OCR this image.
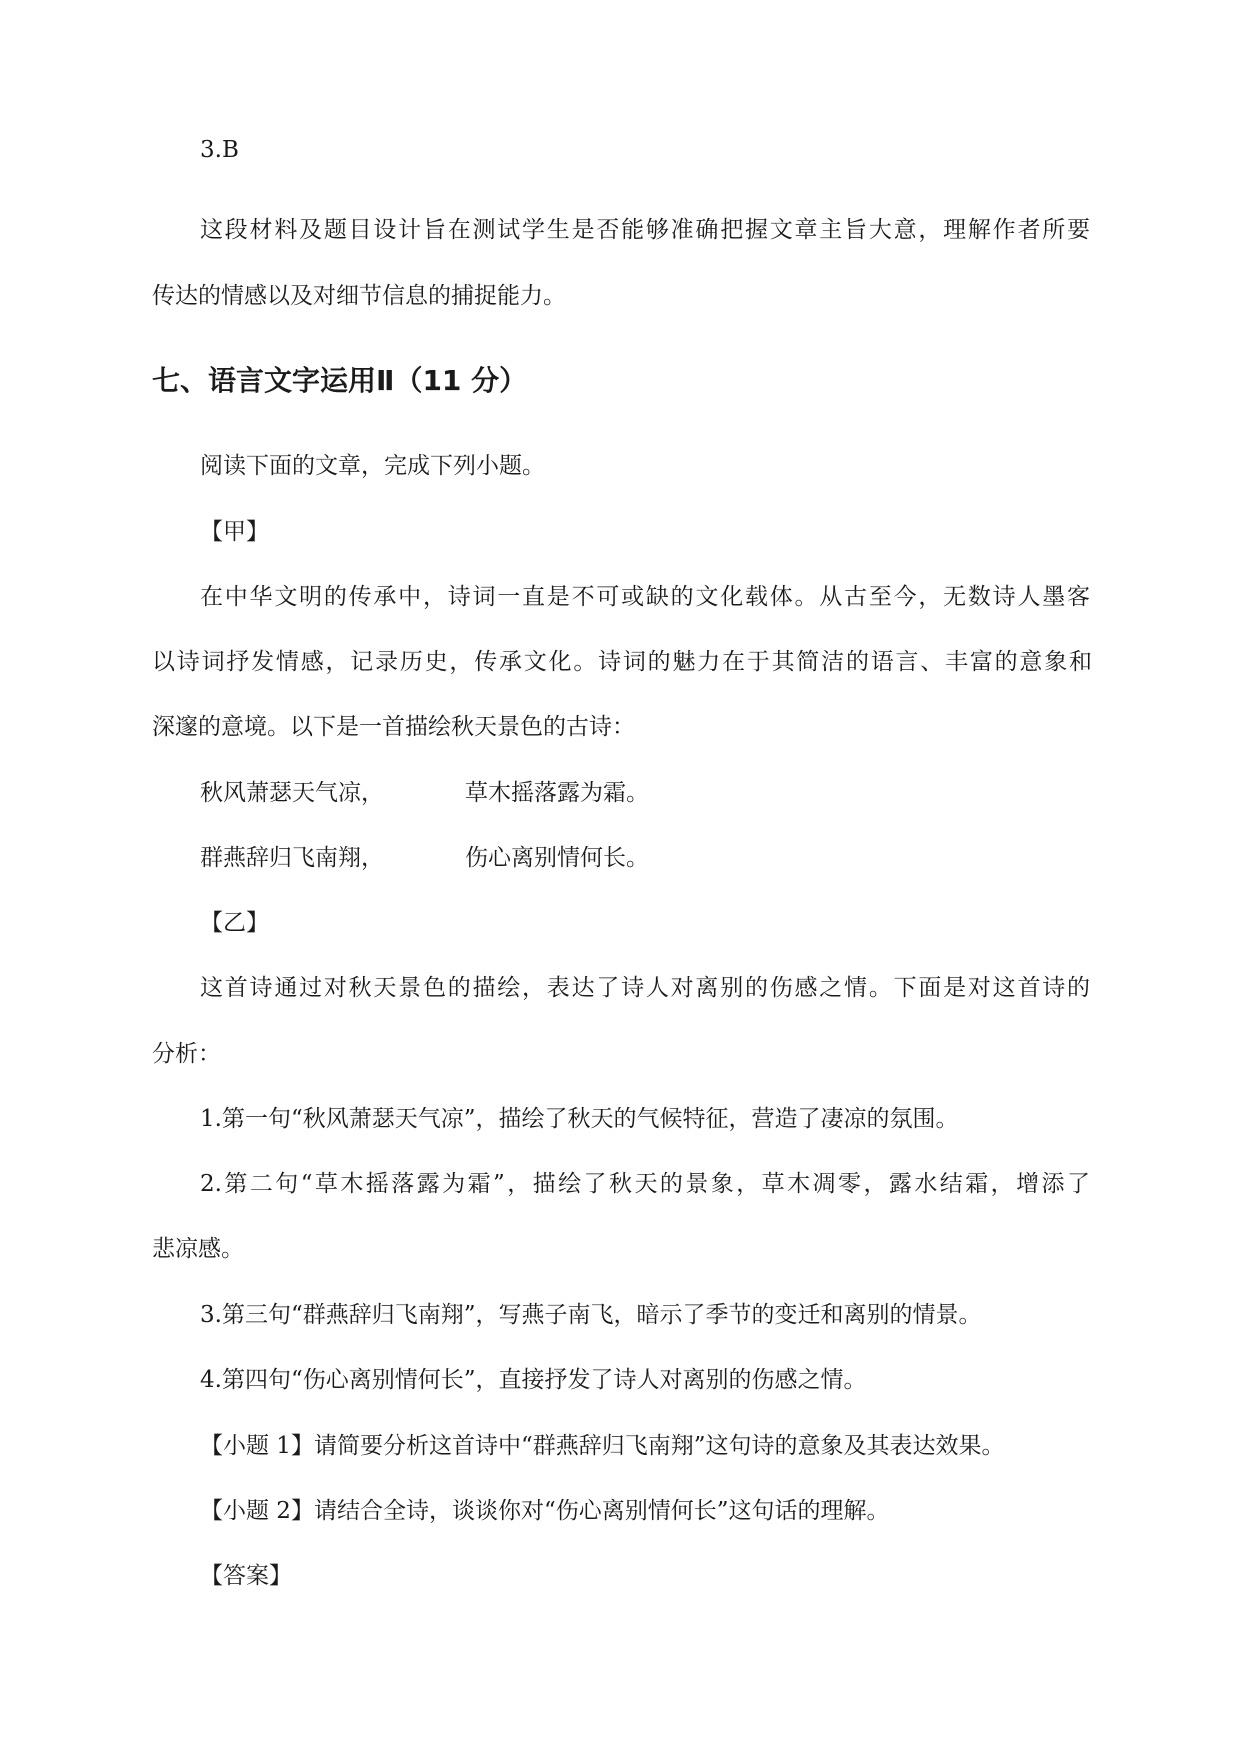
3.B
这段材料及题目设计旨在测试学生是否能够准确把握文章主旨大意，理解作者所要
传达的情感以及对细节信息的捕捉能力。
七、语言文字运用Ⅱ（11 分）
阅读下面的文章，完成下列小题。
【甲】
在中华文明的传承中，诗词一直是不可或缺的文化载体。从古至今，无数诗人墨客
以诗词抒发情感，记录历史，传承文化。诗词的魅力在于其简洁的语言、丰富的意象和
深邃的意境。以下是一首描绘秋天景色的古诗：
秋风萧瑟天气凉，	草木摇落露为霜。
群燕辞归飞南翔，	伤心离别情何长。
【乙】
这首诗通过对秋天景色的描绘，表达了诗人对离别的伤感之情。下面是对这首诗的
分析：
1.第一句“秋风萧瑟天气凉”，描绘了秋天的气候特征，营造了凄凉的氛围。
2.第二句“草木摇落露为霜”，描绘了秋天的景象，草木凋零，露水结霜，增添了
悲凉感。
3.第三句“群燕辞归飞南翔”，写燕子南飞，暗示了季节的变迁和离别的情景。
4.第四句“伤心离别情何长”，直接抒发了诗人对离别的伤感之情。
【小题 1】请简要分析这首诗中“群燕辞归飞南翔”这句诗的意象及其表达效果。
【小题 2】请结合全诗，谈谈你对“伤心离别情何长”这句话的理解。
【答案】
